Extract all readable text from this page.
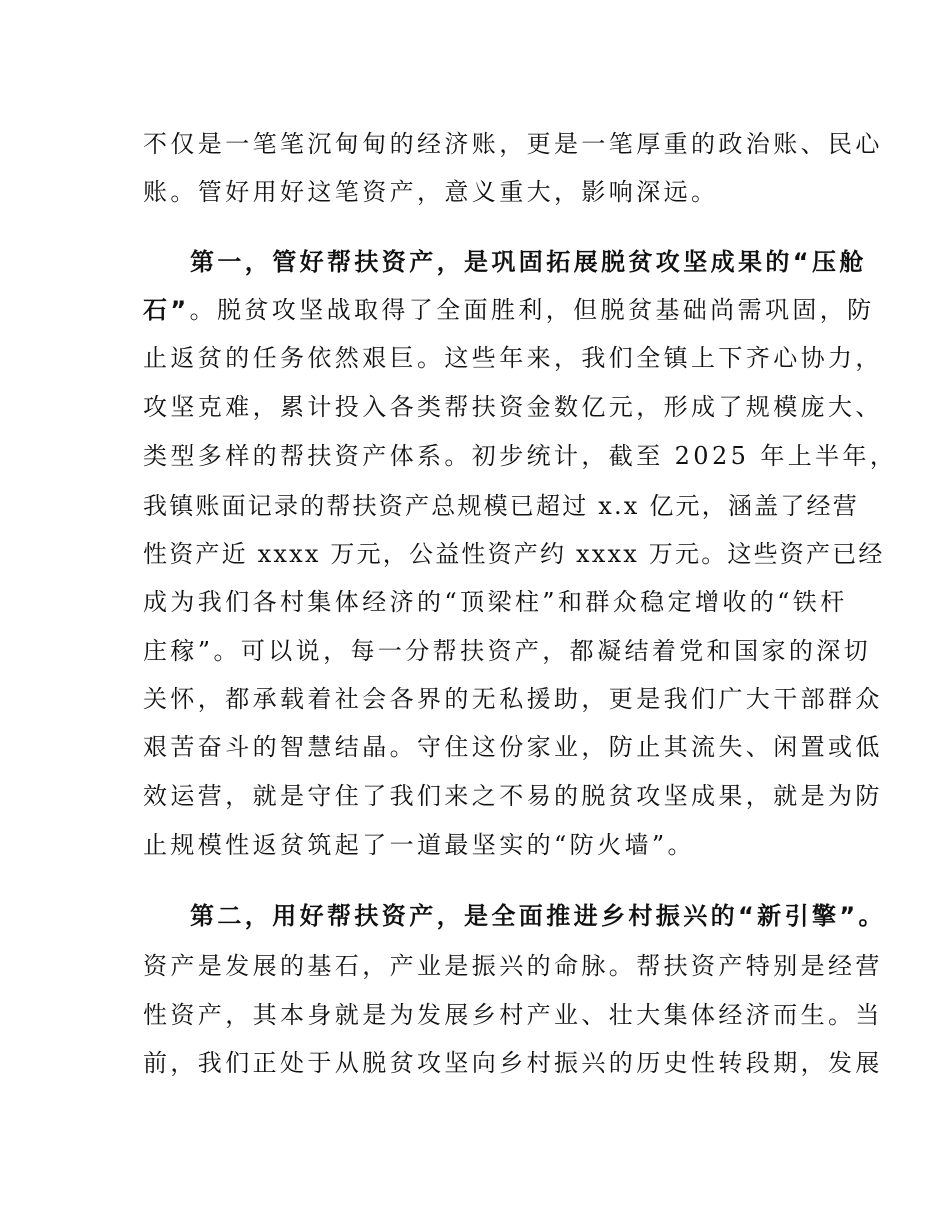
不仅是一笔笔沉甸甸的经济账，更是一笔厚重的政治账、民心
账。管好用好这笔资产，意义重大，影响深远。
第一，管好帮扶资产，是巩固拓展脱贫攻坚成果的“压舱
石”。脱贫攻坚战取得了全面胜利，但脱贫基础尚需巩固，防
止返贫的任务依然艰巨。这些年来，我们全镇上下齐心协力，
攻坚克难，累计投入各类帮扶资金数亿元，形成了规模庞大、
类型多样的帮扶资产体系。初步统计，截至 2025 年上半年，
我镇账面记录的帮扶资产总规模已超过 x.x 亿元，涵盖了经营
性资产近 xxxx 万元，公益性资产约 xxxx 万元。这些资产已经
成为我们各村集体经济的“顶梁柱”和群众稳定增收的“铁杆
庄稼”。可以说，每一分帮扶资产，都凝结着党和国家的深切
关怀，都承载着社会各界的无私援助，更是我们广大干部群众
艰苦奋斗的智慧结晶。守住这份家业，防止其流失、闲置或低
效运营，就是守住了我们来之不易的脱贫攻坚成果，就是为防
止规模性返贫筑起了一道最坚实的“防火墙”。
第二，用好帮扶资产，是全面推进乡村振兴的“新引擎”。
资产是发展的基石，产业是振兴的命脉。帮扶资产特别是经营
性资产，其本身就是为发展乡村产业、壮大集体经济而生。当
前，我们正处于从脱贫攻坚向乡村振兴的历史性转段期，发展
